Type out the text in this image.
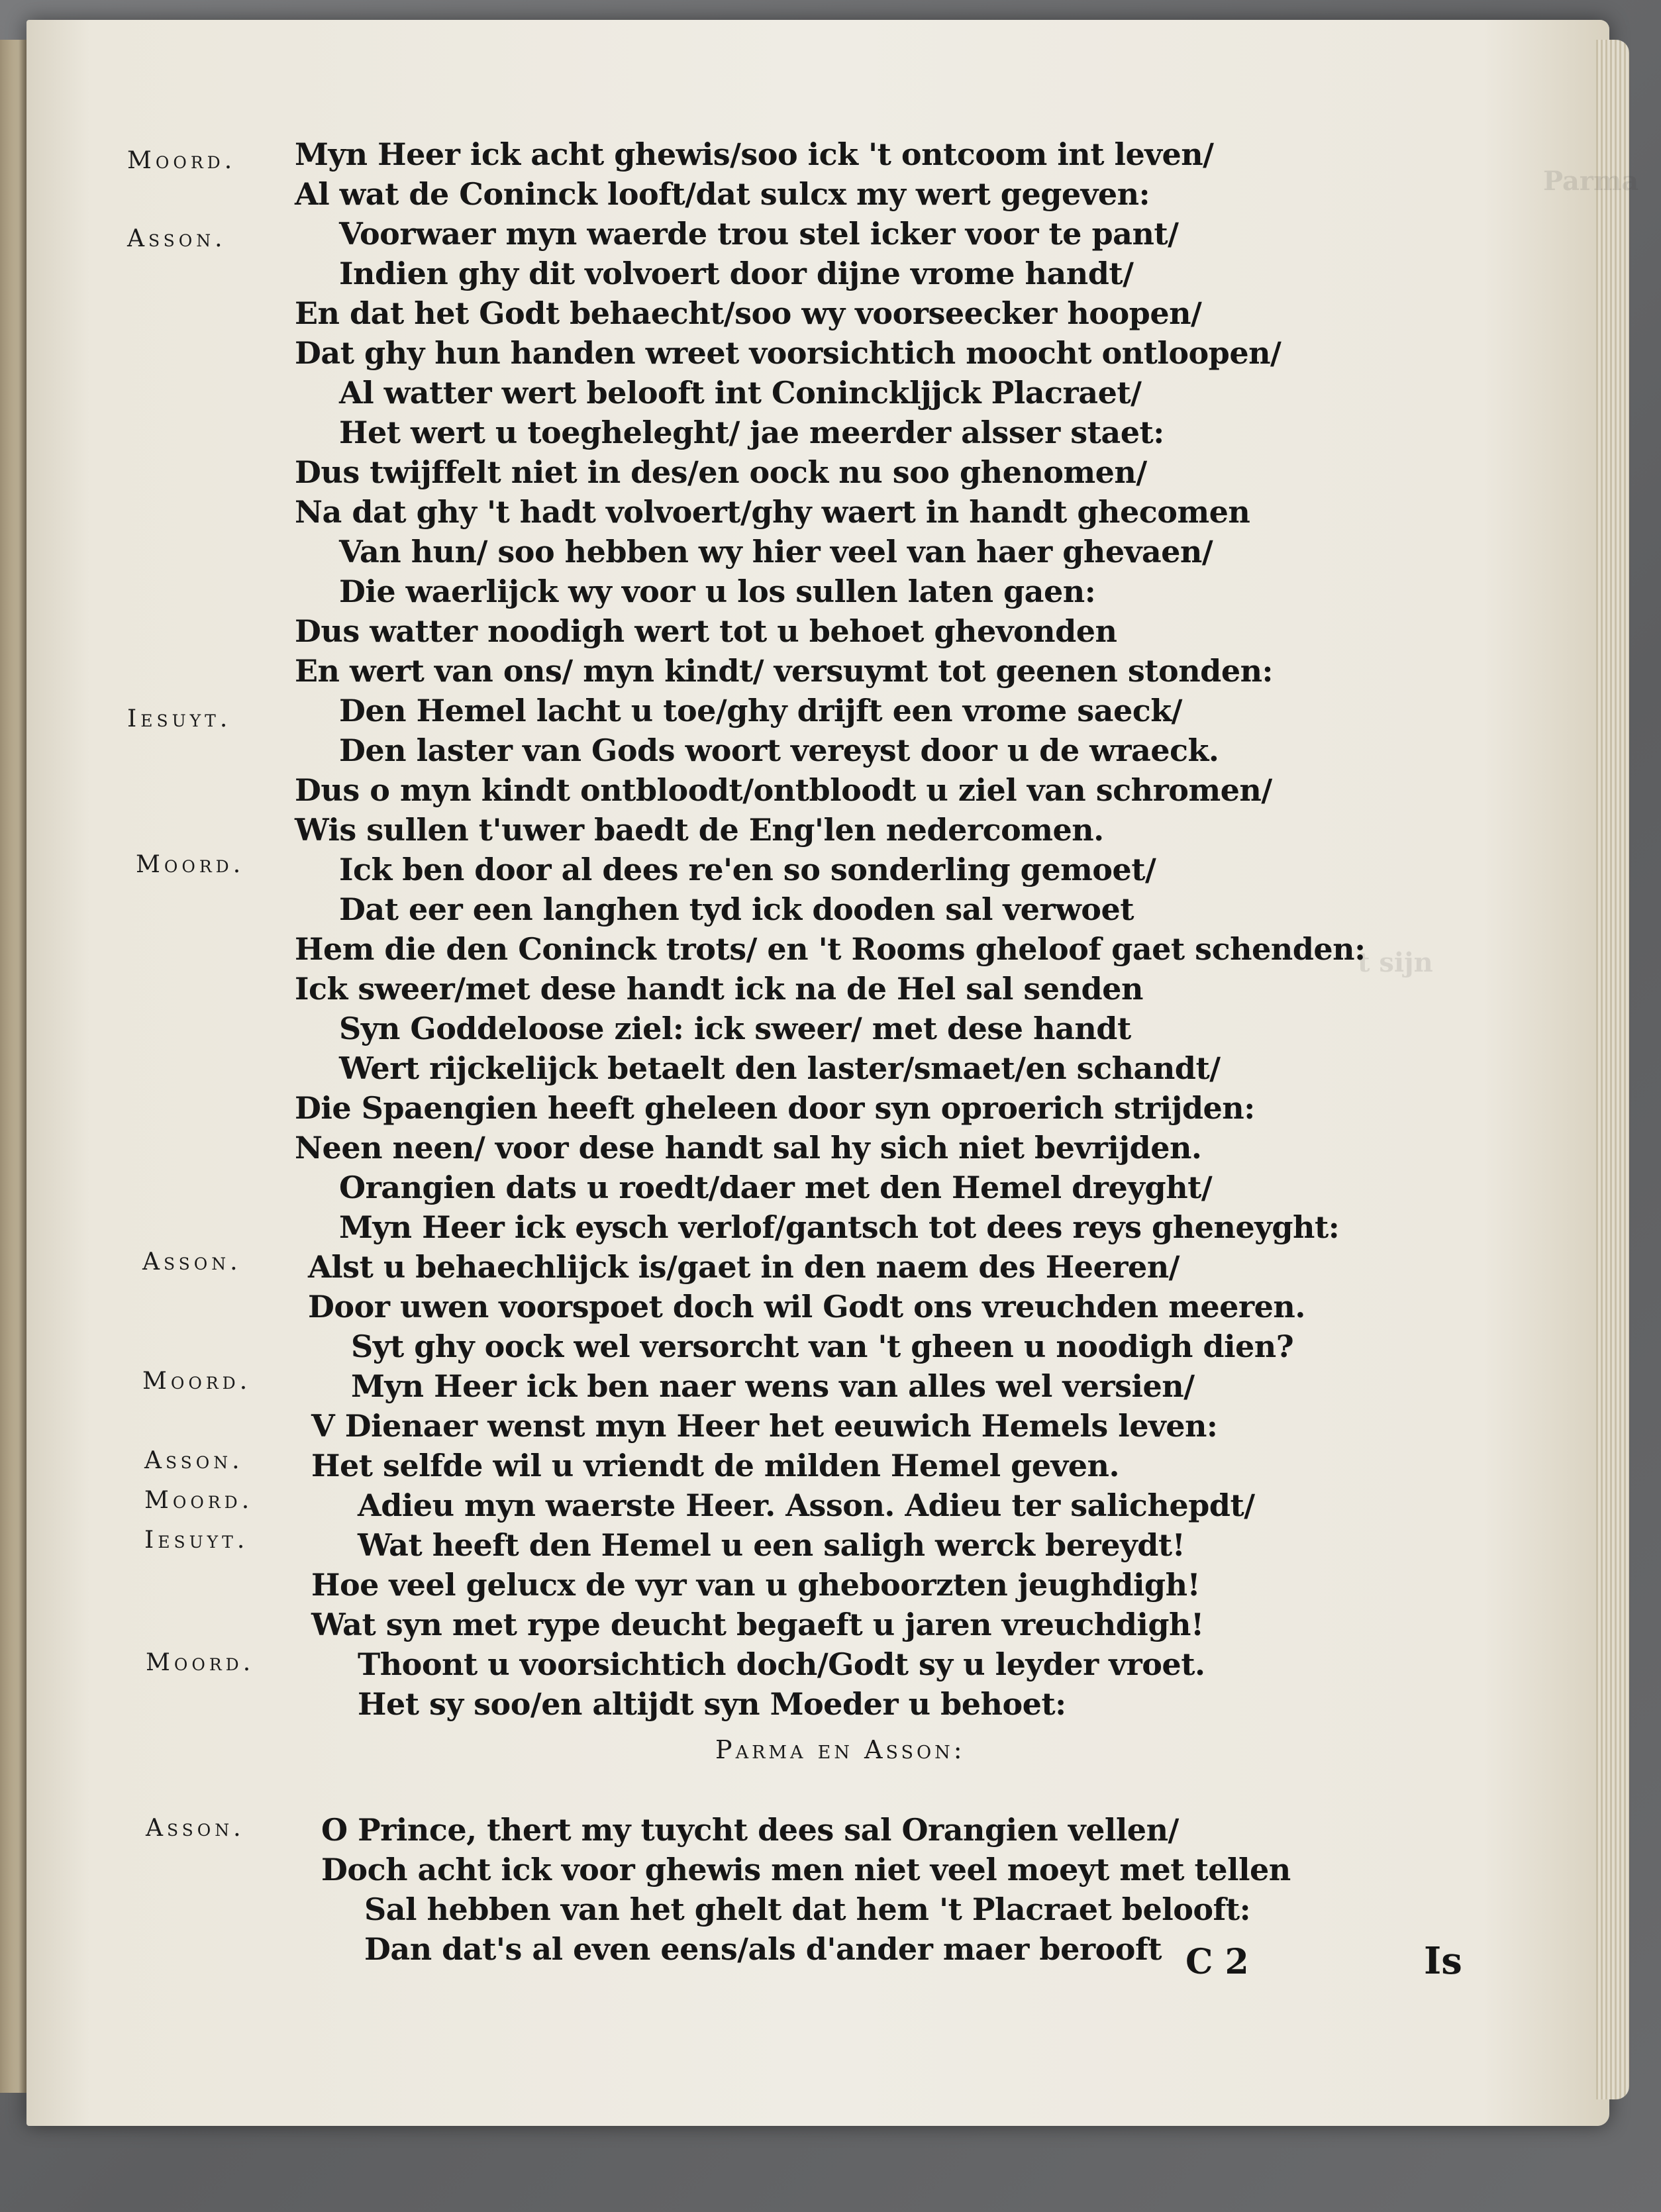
Parma
t sijn
Moord.
Asson.
Iesuyt.
Moord.
Asson.
Moord.
Asson.
Moord.
Iesuyt.
Moord.
Asson.
Myn Heer ick acht ghewis/soo ick 't ontcoom int leven/
Al wat de Coninck looft/dat sulcx my wert gegeven:
Voorwaer myn waerde trou stel icker voor te pant/
Indien ghy dit volvoert door dijne vrome handt/
En dat het Godt behaecht/soo wy voorseecker hoopen/
Dat ghy hun handen wreet voorsichtich moocht ontloopen/
Al watter wert belooft int Coninckljjck Placraet/
Het wert u toegheleght/ jae meerder alsser staet:
Dus twijffelt niet in des/en oock nu soo ghenomen/
Na dat ghy 't hadt volvoert/ghy waert in handt ghecomen
Van hun/ soo hebben wy hier veel van haer ghevaen/
Die waerlijck wy voor u los sullen laten gaen:
Dus watter noodigh wert tot u behoet ghevonden
En wert van ons/ myn kindt/ versuymt tot geenen stonden:
Den Hemel lacht u toe/ghy drijft een vrome saeck/
Den laster van Gods woort vereyst door u de wraeck.
Dus o myn kindt ontbloodt/ontbloodt u ziel van schromen/
Wis sullen t'uwer baedt de Eng'len nedercomen.
Ick ben door al dees re'en so sonderling gemoet/
Dat eer een langhen tyd ick dooden sal verwoet
Hem die den Coninck trots/ en 't Rooms gheloof gaet schenden:
Ick sweer/met dese handt ick na de Hel sal senden
Syn Goddeloose ziel: ick sweer/ met dese handt
Wert rijckelijck betaelt den laster/smaet/en schandt/
Die Spaengien heeft gheleen door syn oproerich strijden:
Neen neen/ voor dese handt sal hy sich niet bevrijden.
Orangien dats u roedt/daer met den Hemel dreyght/
Myn Heer ick eysch verlof/gantsch tot dees reys gheneyght:
Alst u behaechlijck is/gaet in den naem des Heeren/
Door uwen voorspoet doch wil Godt ons vreuchden meeren.
Syt ghy oock wel versorcht van 't gheen u noodigh dien?
Myn Heer ick ben naer wens van alles wel versien/
V Dienaer wenst myn Heer het eeuwich Hemels leven:
Het selfde wil u vriendt de milden Hemel geven.
Adieu myn waerste Heer. Asson. Adieu ter salichepdt/
Wat heeft den Hemel u een saligh werck bereydt!
Hoe veel gelucx de vyr van u gheboorzten jeughdigh!
Wat syn met rype deucht begaeft u jaren vreuchdigh!
Thoont u voorsichtich doch/Godt sy u leyder vroet.
Het sy soo/en altijdt syn Moeder u behoet:
O Prince, thert my tuycht dees sal Orangien vellen/
Doch acht ick voor ghewis men niet veel moeyt met tellen
Sal hebben van het ghelt dat hem 't Placraet belooft:
Dan dat's al even eens/als d'ander maer berooft
Parma en Asson:
C 2	Is
